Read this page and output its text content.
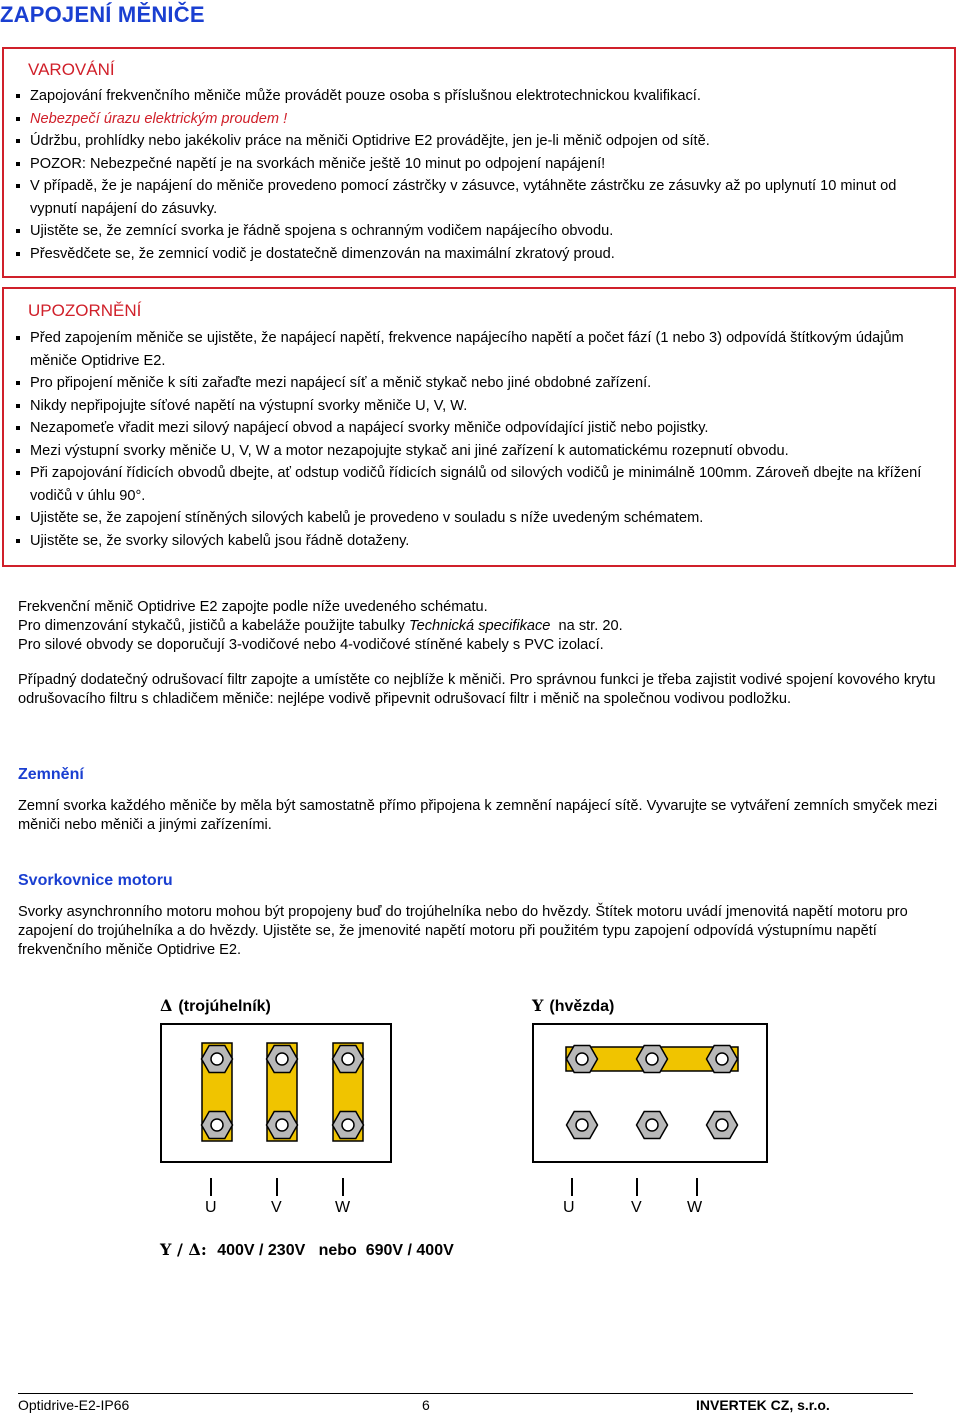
ZAPOJENÍ MĚNIČE
VAROVÁNÍ
Zapojování frekvenčního měniče může provádět pouze osoba s příslušnou elektrotechnickou kvalifikací.
Nebezpečí úrazu elektrickým proudem !
Údržbu, prohlídky nebo jakékoliv práce na měniči Optidrive E2 provádějte, jen je-li měnič odpojen od sítě.
POZOR: Nebezpečné napětí je na svorkách měniče ještě 10 minut po odpojení napájení!
V případě, že je napájení do měniče provedeno pomocí zástrčky v zásuvce, vytáhněte zástrčku ze zásuvky až po uplynutí 10 minut od vypnutí napájení do zásuvky.
Ujistěte se, že zemnící svorka je řádně spojena s ochranným vodičem napájecího obvodu.
Přesvědčete se, že zemnicí vodič je dostatečně dimenzován na maximální zkratový proud.
UPOZORNĚNÍ
Před zapojením měniče se ujistěte, že napájecí napětí, frekvence napájecího napětí a počet fází (1 nebo 3) odpovídá štítkovým údajům měniče Optidrive E2.
Pro připojení měniče k síti zařaďte mezi napájecí síť a měnič stykač nebo jiné obdobné zařízení.
Nikdy nepřipojujte síťové napětí na výstupní svorky měniče U, V, W.
Nezapomeťe vřadit mezi silový napájecí obvod a napájecí svorky měniče odpovídající jistič nebo pojistky.
Mezi výstupní svorky měniče U, V, W a motor nezapojujte stykač ani jiné zařízení k automatickému rozepnutí obvodu.
Při zapojování řídicích obvodů dbejte, ať odstup vodičů řídicích signálů od silových vodičů je minimálně 100mm. Zároveň dbejte na křížení vodičů v úhlu 90°.
Ujistěte se, že zapojení stíněných silových kabelů je provedeno v souladu s níže uvedeným schématem.
Ujistěte se, že svorky silových kabelů jsou řádně dotaženy.

Frekvenční měnič Optidrive E2 zapojte podle níže uvedeného schématu.

Pro dimenzování stykačů, jističů a kabeláže použijte tabulky Technická specifikace  na str. 20.

Pro silové obvody se doporučují 3-vodičové nebo 4-vodičové stíněné kabely s PVC izolací.

Případný dodatečný odrušovací filtr zapojte a umístěte co nejblíže k měniči. Pro správnou funkci je třeba zajistit vodivé spojení kovového krytu odrušovacího filtru s chladičem měniče: nejlépe vodivě připevnit odrušovací filtr i měnič na společnou vodivou podložku.

Zemnění

Zemní svorka každého měniče by měla být samostatně přímo připojena k zemnění napájecí sítě. Vyvarujte se vytváření zemních smyček mezi měniči nebo měniči a jinými zařízeními.

Svorkovnice motoru

Svorky asynchronního motoru mohou být propojeny buď do trojúhelníka nebo do hvězdy. Štítek motoru uvádí jmenovitá napětí motoru pro zapojení do trojúhelníka a do hvězdy. Ujistěte se, že jmenovité napětí motoru při použitém typu zapojení odpovídá výstupnímu napětí frekvenčního měniče Optidrive E2.

Δ (trojúhelník)	Y (hvězda)
U	V	W	U	V	W
Y / Δ: 400V / 230V   nebo  690V / 400V
Optidrive-E2-IP66	6	INVERTEK CZ, s.r.o.
